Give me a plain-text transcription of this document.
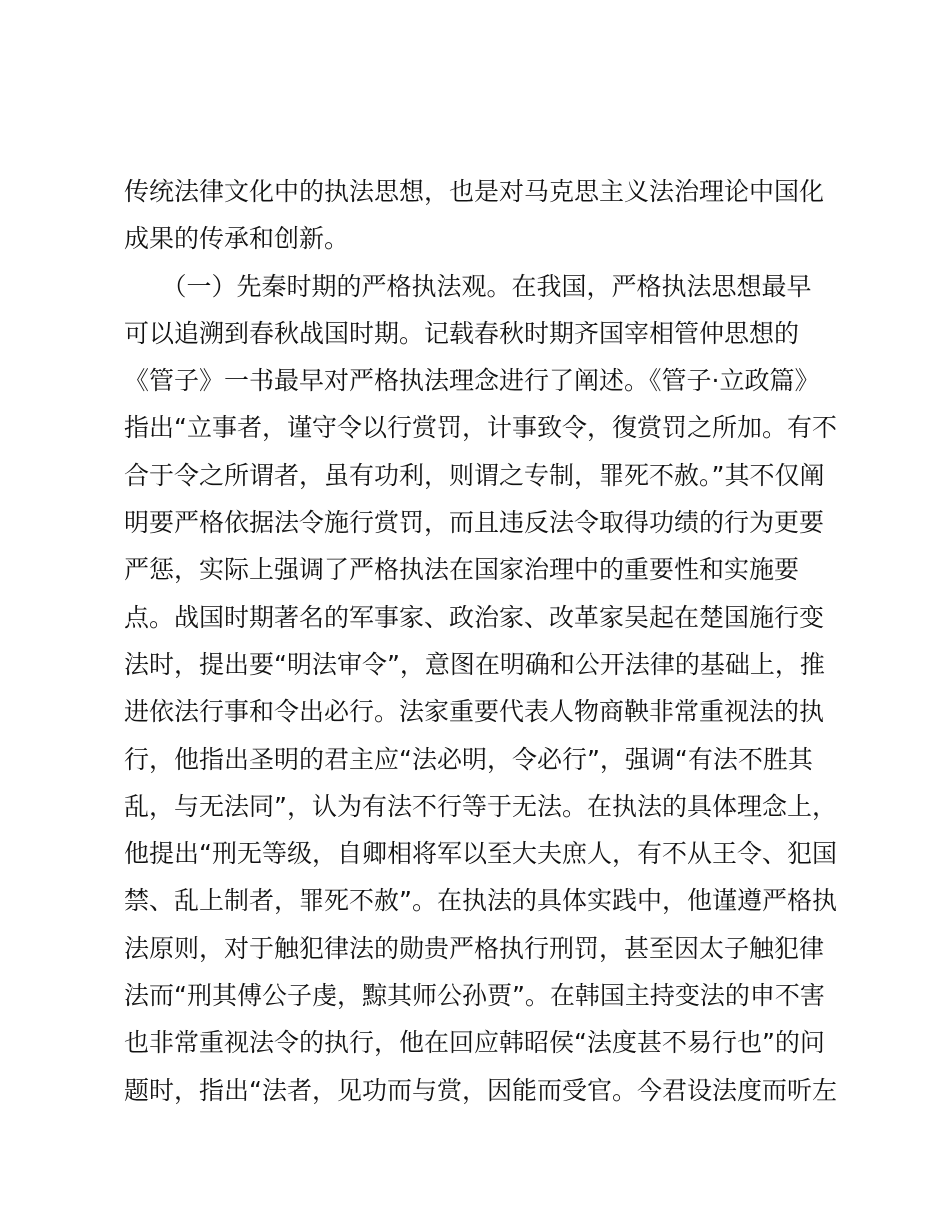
传统法律文化中的执法思想，也是对马克思主义法治理论中国化
成果的传承和创新。
　　（一）先秦时期的严格执法观。在我国，严格执法思想最早
可以追溯到春秋战国时期。记载春秋时期齐国宰相管仲思想的
《管子》一书最早对严格执法理念进行了阐述。《管子·立政篇》
指出“立事者，谨守令以行赏罚，计事致令，復赏罚之所加。有不
合于令之所谓者，虽有功利，则谓之专制，罪死不赦。”其不仅阐
明要严格依据法令施行赏罚，而且违反法令取得功绩的行为更要
严惩，实际上强调了严格执法在国家治理中的重要性和实施要
点。战国时期著名的军事家、政治家、改革家吴起在楚国施行变
法时，提出要“明法审令”，意图在明确和公开法律的基础上，推
进依法行事和令出必行。法家重要代表人物商鞅非常重视法的执
行，他指出圣明的君主应“法必明，令必行”，强调“有法不胜其
乱，与无法同”，认为有法不行等于无法。在执法的具体理念上，
他提出“刑无等级，自卿相将军以至大夫庶人，有不从王令、犯国
禁、乱上制者，罪死不赦”。在执法的具体实践中，他谨遵严格执
法原则，对于触犯律法的勋贵严格执行刑罚，甚至因太子触犯律
法而“刑其傅公子虔，黥其师公孙贾”。在韩国主持变法的申不害
也非常重视法令的执行，他在回应韩昭侯“法度甚不易行也”的问
题时，指出“法者，见功而与赏，因能而受官。今君设法度而听左
